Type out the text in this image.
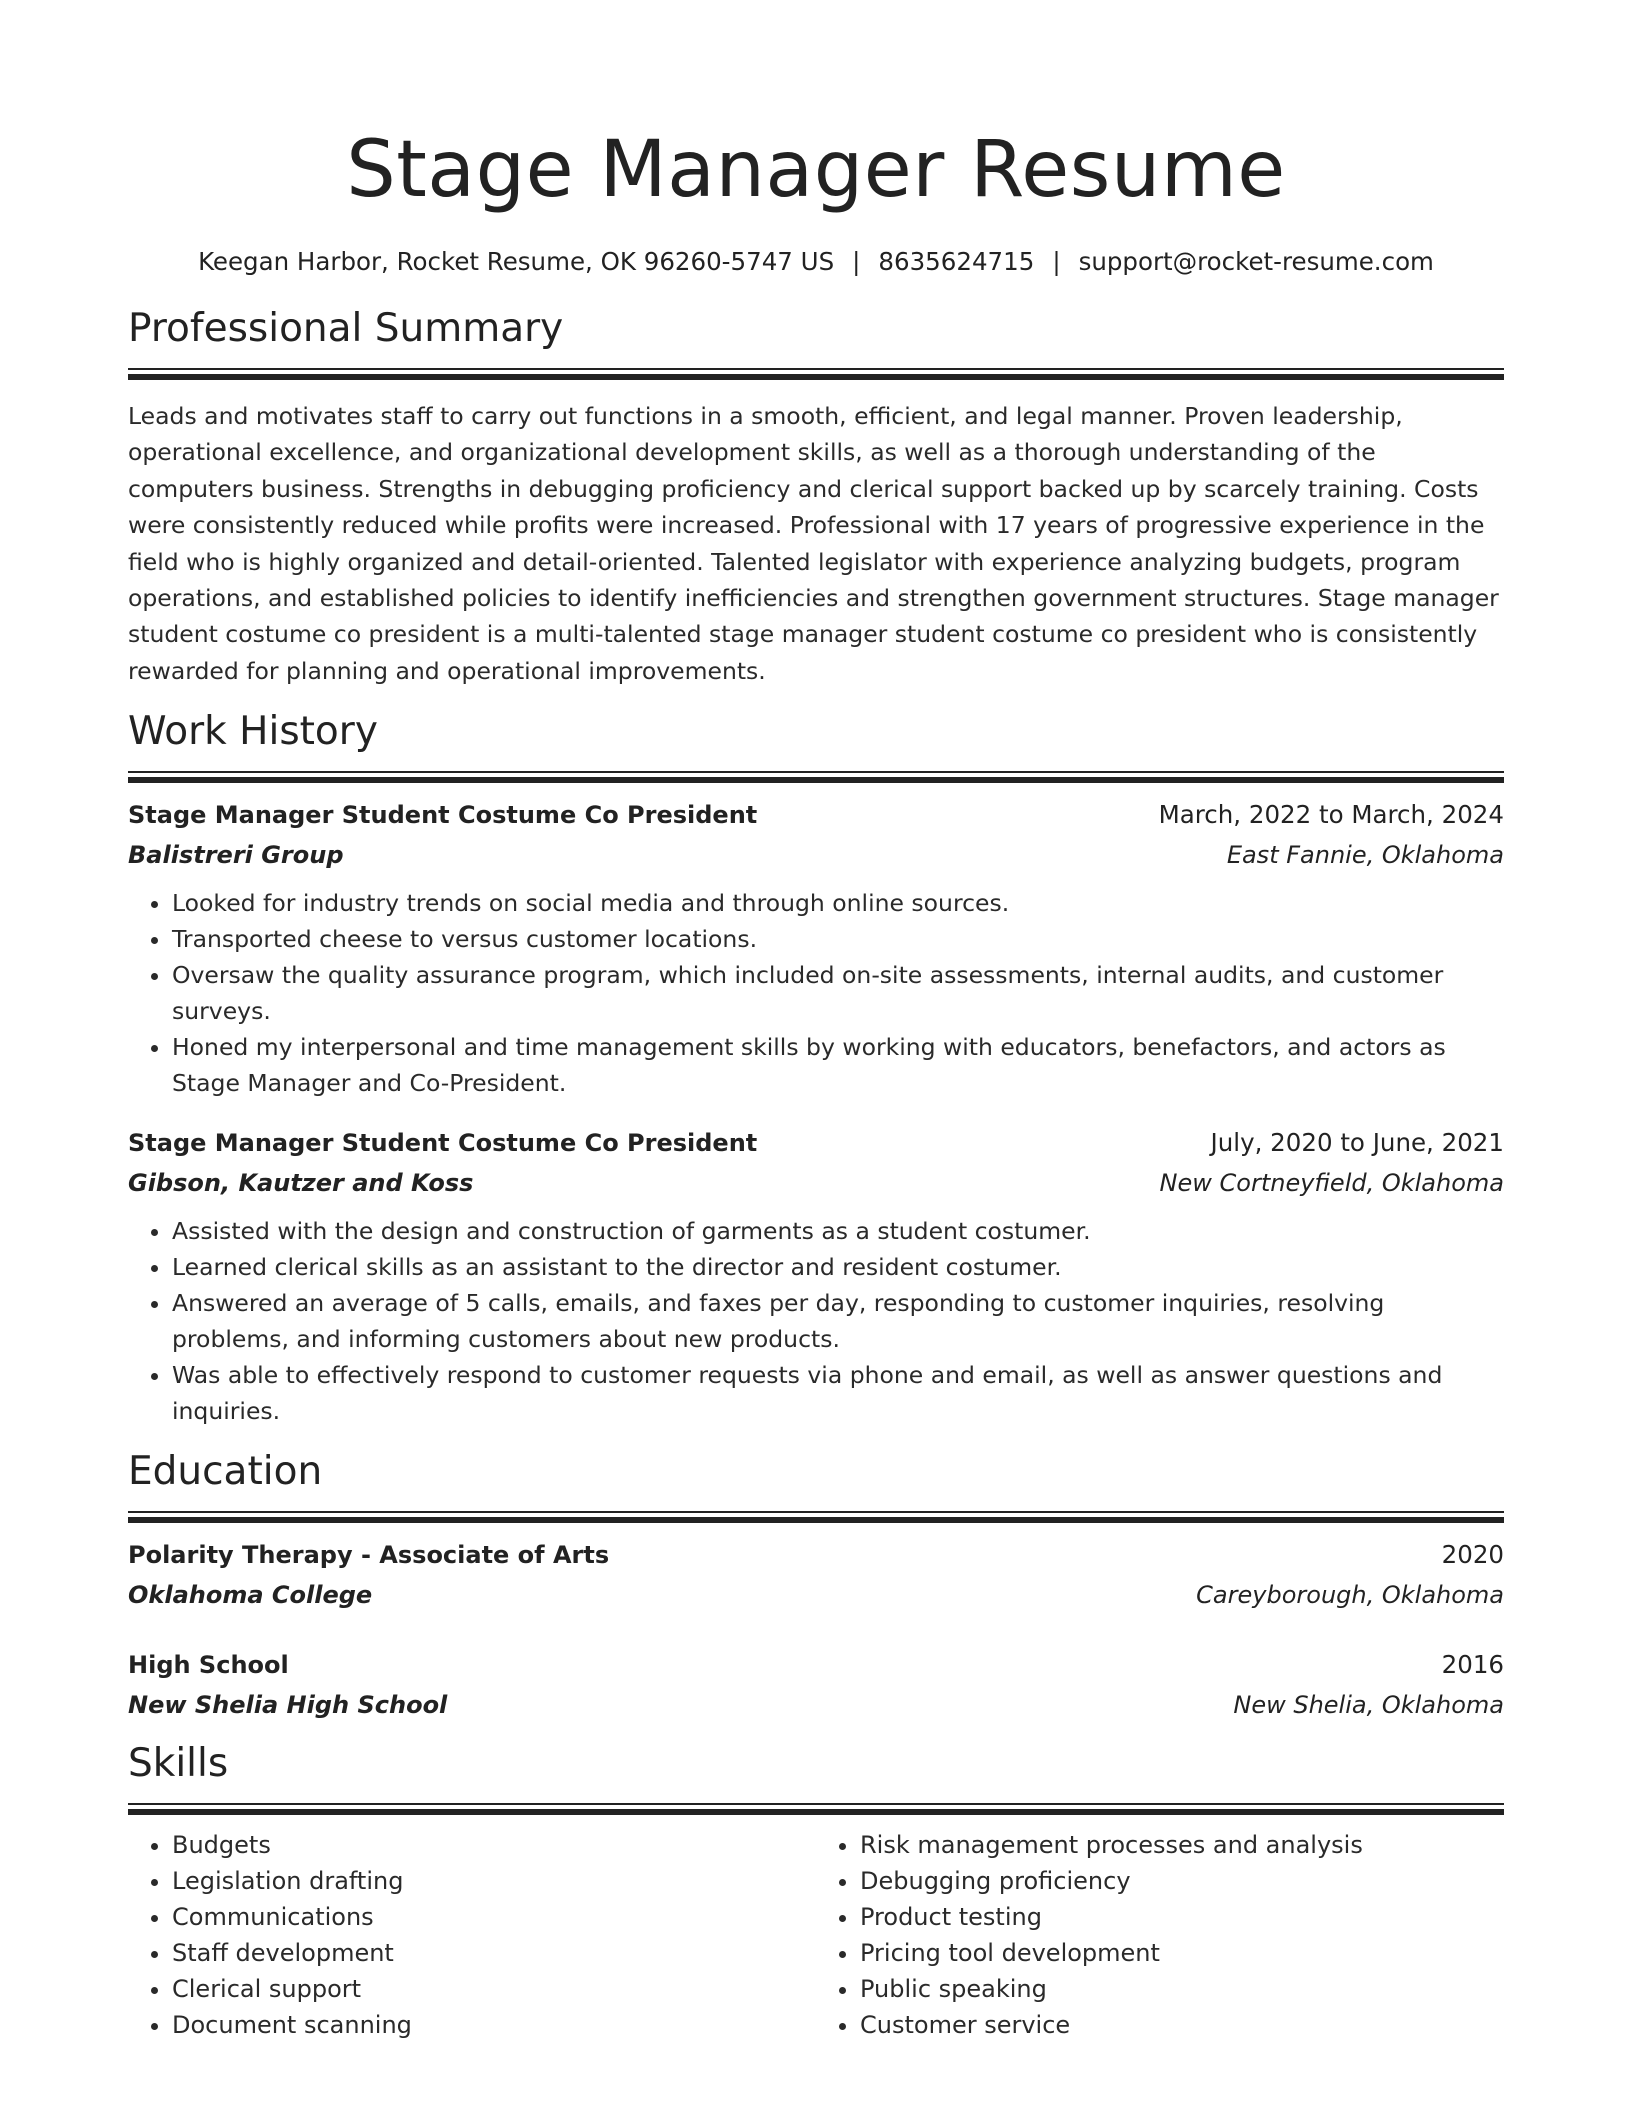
Stage Manager Resume
Keegan Harbor, Rocket Resume, OK 96260-5747 US | 8635624715 | support@rocket-resume.com
Professional Summary
Leads and motivates staff to carry out functions in a smooth, efficient, and legal manner. Proven leadership, operational excellence, and organizational development skills, as well as a thorough understanding of the computers business. Strengths in debugging proficiency and clerical support backed up by scarcely training. Costs were consistently reduced while profits were increased. Professional with 17 years of progressive experience in the field who is highly organized and detail-oriented. Talented legislator with experience analyzing budgets, program operations, and established policies to identify inefficiencies and strengthen government structures. Stage manager student costume co president is a multi-talented stage manager student costume co president who is consistently rewarded for planning and operational improvements.
Work History
Stage Manager Student Costume Co President	March, 2022 to March, 2024
Balistreri Group	East Fannie, Oklahoma
• Looked for industry trends on social media and through online sources.
• Transported cheese to versus customer locations.
• Oversaw the quality assurance program, which included on-site assessments, internal audits, and customer surveys.
• Honed my interpersonal and time management skills by working with educators, benefactors, and actors as Stage Manager and Co-President.
Stage Manager Student Costume Co President	July, 2020 to June, 2021
Gibson, Kautzer and Koss	New Cortneyfield, Oklahoma
• Assisted with the design and construction of garments as a student costumer.
• Learned clerical skills as an assistant to the director and resident costumer.
• Answered an average of 5 calls, emails, and faxes per day, responding to customer inquiries, resolving problems, and informing customers about new products.
• Was able to effectively respond to customer requests via phone and email, as well as answer questions and inquiries.
Education
Polarity Therapy - Associate of Arts	2020
Oklahoma College	Careyborough, Oklahoma
High School	2016
New Shelia High School	New Shelia, Oklahoma
Skills
• Budgets
• Legislation drafting
• Communications
• Staff development
• Clerical support
• Document scanning
• Risk management processes and analysis
• Debugging proficiency
• Product testing
• Pricing tool development
• Public speaking
• Customer service
